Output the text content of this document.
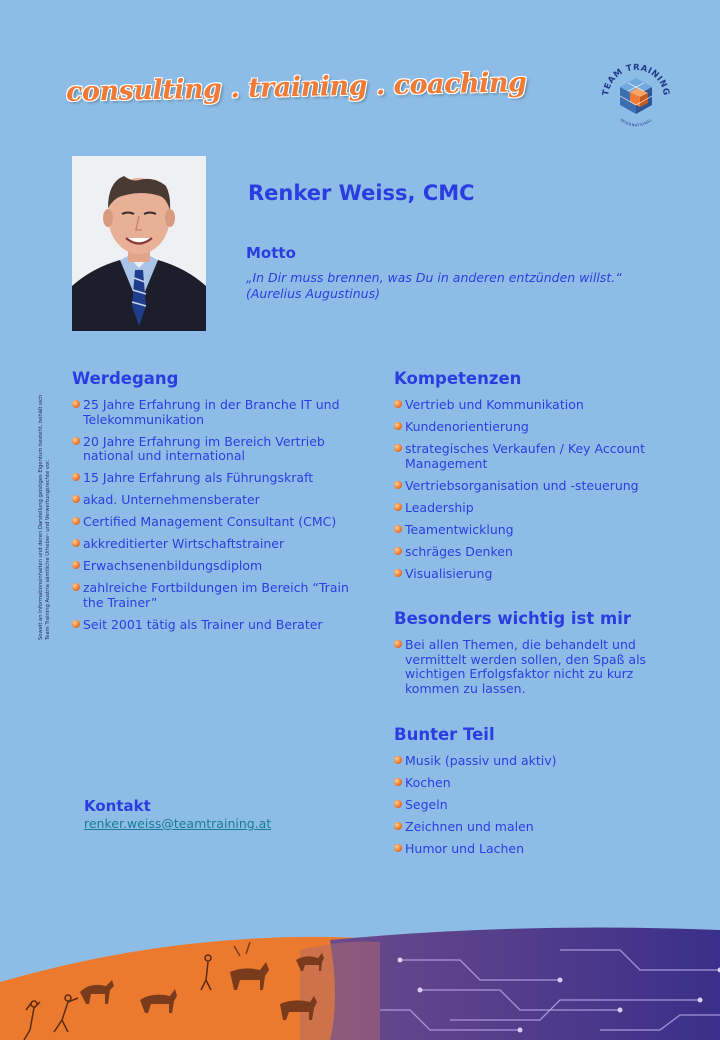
consulting . training . coaching	TEAM TRAINING
INTERNATIONAL
Renker Weiss, CMC
Motto
„In Dir muss brennen, was Du in anderen entzünden willst.“
(Aurelius Augustinus)
Soweit an Informationsinhalten und deren Darstellung geistiges Eigentum besteht, behält sich Team Training Austria sämtliche Urheber- und Verwertungsrechte vor.
Werdegang
25 Jahre Erfahrung in der Branche IT und Telekommunikation
20 Jahre Erfahrung im Bereich Vertrieb national und international
15 Jahre Erfahrung als Führungskraft
akad. Unternehmensberater
Certified Management Consultant (CMC)
akkreditierter Wirtschaftstrainer
Erwachsenenbildungsdiplom
zahlreiche Fortbildungen im Bereich “Train the Trainer”
Seit 2001 tätig als Trainer und Berater
Kompetenzen
Vertrieb und Kommunikation
Kundenorientierung
strategisches Verkaufen / Key Account Management
Vertriebsorganisation und -steuerung
Leadership
Teamentwicklung
schräges Denken
Visualisierung
Besonders wichtig ist mir
Bei allen Themen, die behandelt und vermittelt werden sollen, den Spaß als wichtigen Erfolgsfaktor nicht zu kurz kommen zu lassen.
Bunter Teil
Musik (passiv und aktiv)
Kochen
Segeln
Zeichnen und malen
Humor und Lachen
Kontakt
renker.weiss@teamtraining.at
